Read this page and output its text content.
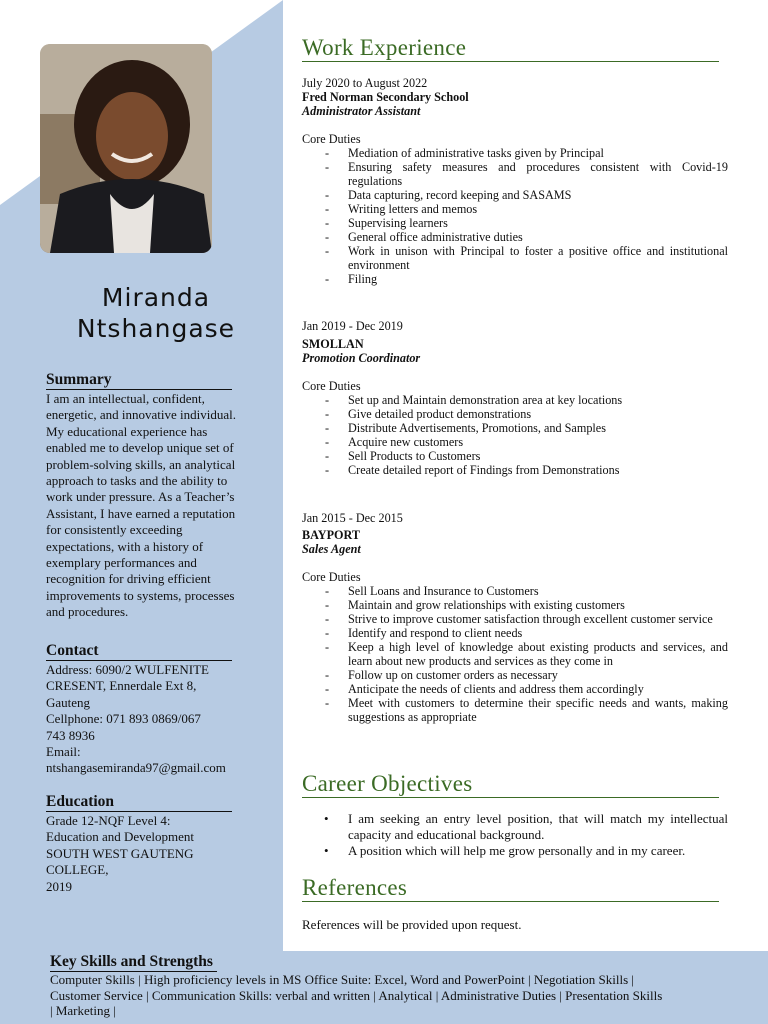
Miranda
Ntshangase
Summary
I am an intellectual, confident,
energetic, and innovative individual.
My educational experience has
enabled me to develop unique set of
problem-solving skills, an analytical
approach to tasks and the ability to
work under pressure. As a Teacher’s
Assistant, I have earned a reputation
for consistently exceeding
expectations, with a history of
exemplary performances and
recognition for driving efficient
improvements to systems, processes
and procedures.
Contact
Address: 6090/2 WULFENITE
CRESENT, Ennerdale Ext 8,
Gauteng
Cellphone: 071 893 0869/067
743 8936
Email:
ntshangasemiranda97@gmail.com
Education
Grade 12-NQF Level 4:
Education and Development
SOUTH WEST GAUTENG
COLLEGE,
2019
Work Experience
July 2020 to August 2022
Fred Norman Secondary School
Administrator Assistant
Core Duties
- Mediation of administrative tasks given by Principal
- Ensuring safety measures and procedures consistent with Covid-19 regulations
- Data capturing, record keeping and SASAMS
- Writing letters and memos
- Supervising learners
- General office administrative duties
- Work in unison with Principal to foster a positive office and institutional environment
- Filing
Jan 2019 - Dec 2019
SMOLLAN
Promotion Coordinator
Core Duties
- Set up and Maintain demonstration area at key locations
- Give detailed product demonstrations
- Distribute Advertisements, Promotions, and Samples
- Acquire new customers
- Sell Products to Customers
- Create detailed report of Findings from Demonstrations
Jan 2015 - Dec 2015
BAYPORT
Sales Agent
Core Duties
- Sell Loans and Insurance to Customers
- Maintain and grow relationships with existing customers
- Strive to improve customer satisfaction through excellent customer service
- Identify and respond to client needs
- Keep a high level of knowledge about existing products and services, and learn about new products and services as they come in
- Follow up on customer orders as necessary
- Anticipate the needs of clients and address them accordingly
- Meet with customers to determine their specific needs and wants, making suggestions as appropriate
Career Objectives
• I am seeking an entry level position, that will match my intellectual capacity and educational background.
• A position which will help me grow personally and in my career.
References
References will be provided upon request.
Key Skills and Strengths
Computer Skills | High proficiency levels in MS Office Suite: Excel, Word and PowerPoint | Negotiation Skills |
Customer Service | Communication Skills: verbal and written | Analytical | Administrative Duties | Presentation Skills
| Marketing |
